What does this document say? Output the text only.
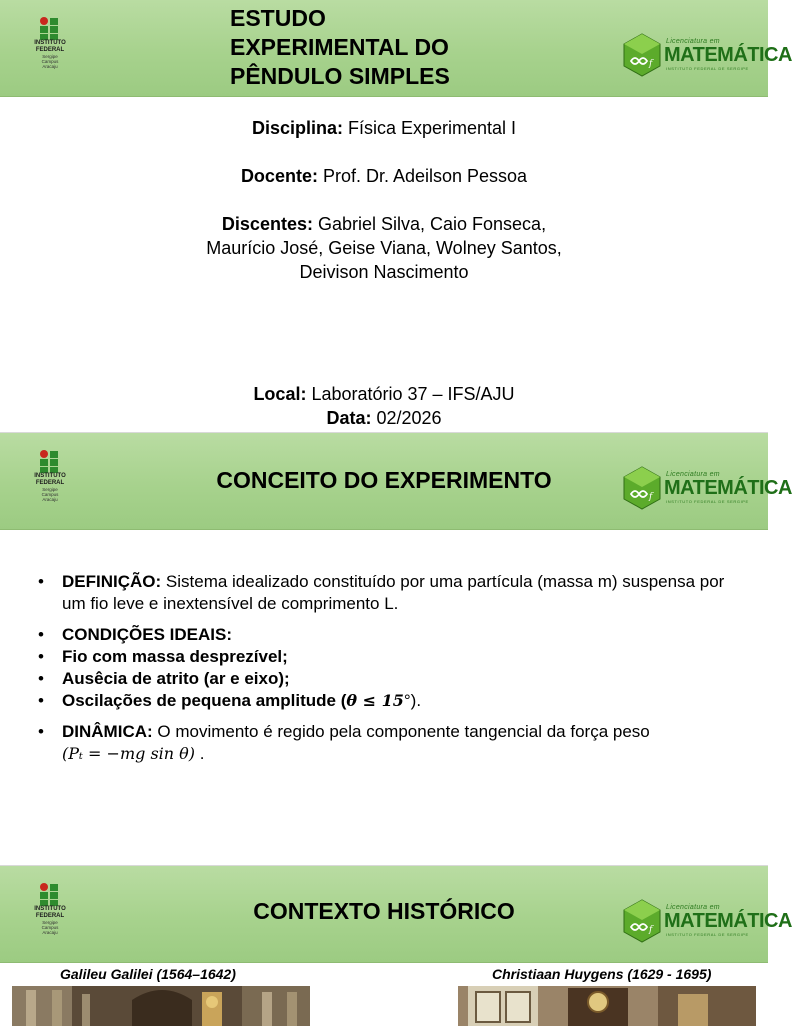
INSTITUTO
FEDERAL
Sergipe
Campus
Aracaju
ESTUDO
EXPERIMENTAL DO
PÊNDULO SIMPLES	f
Licenciatura em
MATEMÁTICA
INSTITUTO FEDERAL DE SERGIPE
Disciplina: Física Experimental I
Docente: Prof. Dr. Adeilson Pessoa
Discentes: Gabriel Silva, Caio Fonseca,
Maurício José, Geise Viana, Wolney Santos,
Deivison Nascimento
Local: Laboratório 37 – IFS/AJU
Data: 02/2026
INSTITUTO
FEDERAL
Sergipe
Campus
Aracaju
CONCEITO DO EXPERIMENTO
f
Licenciatura em
MATEMÁTICA
INSTITUTO FEDERAL DE SERGIPE
• DEFINIÇÃO: Sistema idealizado constituído por uma partícula (massa m) suspensa por um fio leve e inextensível de comprimento L.
• CONDIÇÕES IDEAIS:
• Fio com massa desprezível;
• Ausêcia de atrito (ar e eixo);
• Oscilações de pequena amplitude (θ ≤ 15°).
• DINÂMICA: O movimento é regido pela componente tangencial da força peso
(Pₜ = −mg sin θ) .
INSTITUTO
FEDERAL
Sergipe
Campus
Aracaju
CONTEXTO HISTÓRICO
f
Licenciatura em
MATEMÁTICA
INSTITUTO FEDERAL DE SERGIPE
Galileu Galilei (1564–1642)	Christiaan Huygens (1629 - 1695)
